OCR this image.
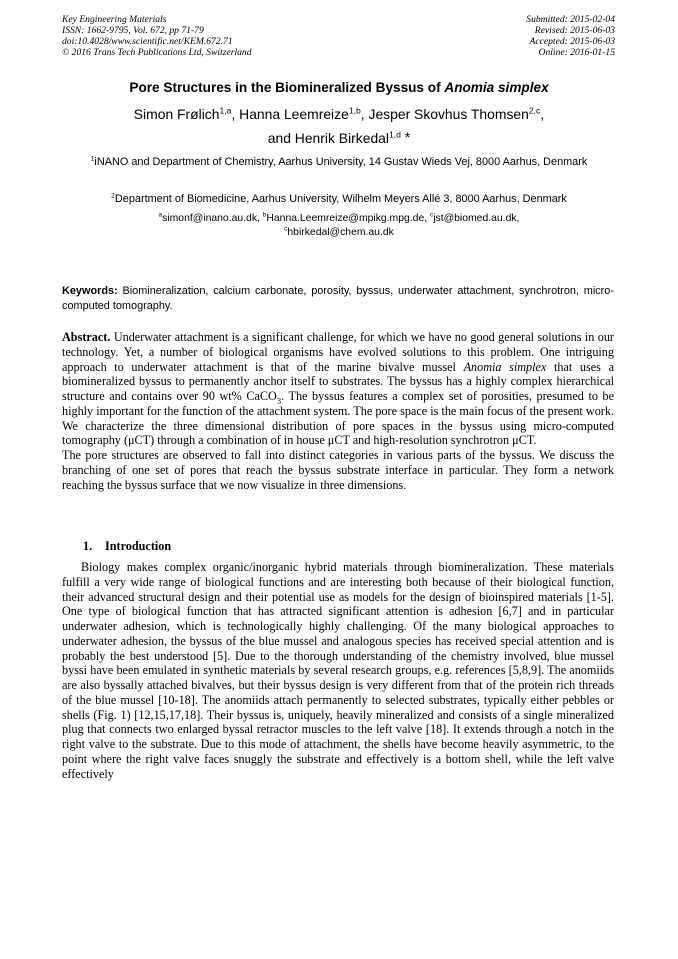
Key Engineering Materials
ISSN: 1662-9795, Vol. 672, pp 71-79
doi:10.4028/www.scientific.net/KEM.672.71
© 2016 Trans Tech Publications Ltd, Switzerland
Submitted: 2015-02-04
Revised: 2015-06-03
Accepted: 2015-06-03
Online: 2016-01-15
Pore Structures in the Biomineralized Byssus of Anomia simplex
Simon Frølich$^{1,a}$, Hanna Leemreize$^{1,b}$, Jesper Skovhus Thomsen$^{2,c}$,
and Henrik Birkedal$^{1,d}$ *
$^1$iNANO and Department of Chemistry, Aarhus University, 14 Gustav Wieds Vej, 8000 Aarhus, Denmark
$^2$Department of Biomedicine, Aarhus University, Wilhelm Meyers Allé 3, 8000 Aarhus, Denmark
$^a$simonf@inano.au.dk, $^b$Hanna.Leemreize@mpikg.mpg.de, $^c$jst@biomed.au.dk,
$^c$hbirkedal@chem.au.dk
Keywords: Biomineralization, calcium carbonate, porosity, byssus, underwater attachment, synchrotron, micro-computed tomography.

Abstract. Underwater attachment is a significant challenge, for which we have no good general solutions in our technology. Yet, a number of biological organisms have evolved solutions to this problem. One intriguing approach to underwater attachment is that of the marine bivalve mussel Anomia simplex that uses a biomineralized byssus to permanently anchor itself to substrates. The byssus has a highly complex hierarchical structure and contains over 90 wt% CaCO$_3$. The byssus features a complex set of porosities, presumed to be highly important for the function of the attachment system. The pore space is the main focus of the present work. We characterize the three dimensional distribution of pore spaces in the byssus using micro-computed tomography (μCT) through a combination of in house μCT and high-resolution synchrotron μCT.

The pore structures are observed to fall into distinct categories in various parts of the byssus. We discuss the branching of one set of pores that reach the byssus substrate interface in particular. They form a network reaching the byssus surface that we now visualize in three dimensions.

1. Introduction

Biology makes complex organic/inorganic hybrid materials through biomineralization. These materials fulfill a very wide range of biological functions and are interesting both because of their biological function, their advanced structural design and their potential use as models for the design of bioinspired materials [1-5]. One type of biological function that has attracted significant attention is adhesion [6,7] and in particular underwater adhesion, which is technologically highly challenging. Of the many biological approaches to underwater adhesion, the byssus of the blue mussel and analogous species has received special attention and is probably the best understood [5]. Due to the thorough understanding of the chemistry involved, blue mussel byssi have been emulated in synthetic materials by several research groups, e.g. references [5,8,9]. The anomiids are also byssally attached bivalves, but their byssus design is very different from that of the protein rich threads of the blue mussel [10-18]. The anomiids attach permanently to selected substrates, typically either pebbles or shells (Fig. 1) [12,15,17,18]. Their byssus is, uniquely, heavily mineralized and consists of a single mineralized plug that connects two enlarged byssal retractor muscles to the left valve [18]. It extends through a notch in the right valve to the substrate. Due to this mode of attachment, the shells have become heavily asymmetric, to the point where the right valve faces snuggly the substrate and effectively is a bottom shell, while the left valve effectively
